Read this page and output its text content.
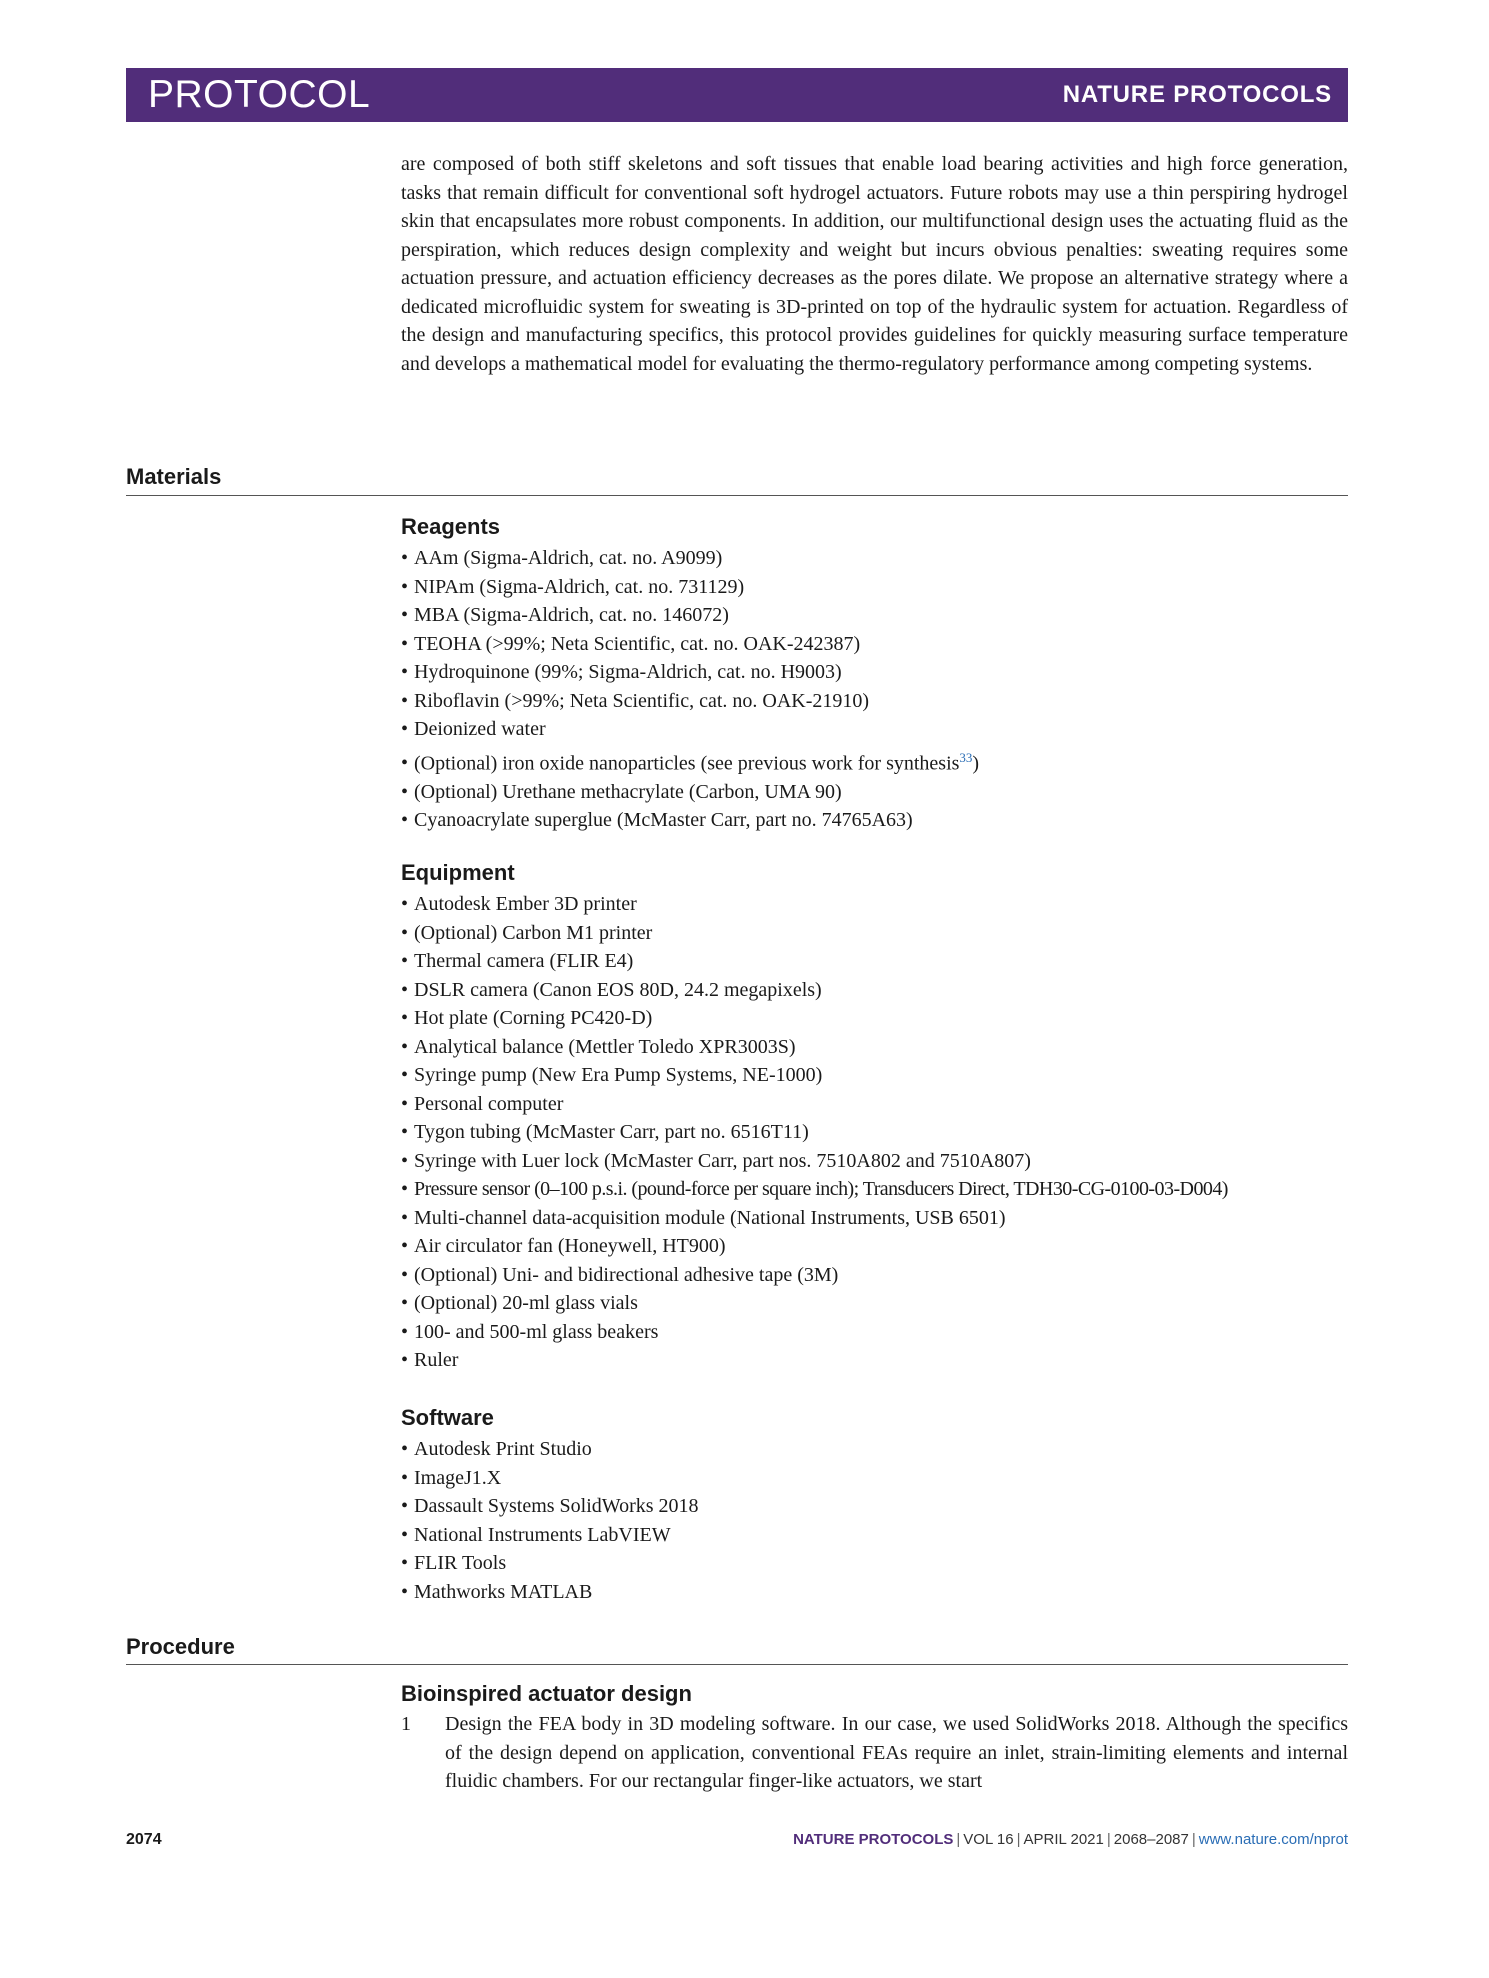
PROTOCOL	NATURE PROTOCOLS

are composed of both stiff skeletons and soft tissues that enable load bearing activities and high force generation, tasks that remain difficult for conventional soft hydrogel actuators. Future robots may use a thin perspiring hydrogel skin that encapsulates more robust components. In addition, our multifunctional design uses the actuating fluid as the perspiration, which reduces design complexity and weight but incurs obvious penalties: sweating requires some actuation pressure, and actuation efficiency decreases as the pores dilate. We propose an alternative strategy where a dedicated microfluidic system for sweating is 3D-printed on top of the hydraulic system for actuation. Regardless of the design and manufacturing specifics, this protocol provides guidelines for quickly measuring surface temperature and develops a mathematical model for evaluating the thermo-regulatory performance among competing systems.

Materials
Reagents
• AAm (Sigma-Aldrich, cat. no. A9099)
• NIPAm (Sigma-Aldrich, cat. no. 731129)
• MBA (Sigma-Aldrich, cat. no. 146072)
• TEOHA (>99%; Neta Scientific, cat. no. OAK-242387)
• Hydroquinone (99%; Sigma-Aldrich, cat. no. H9003)
• Riboflavin (>99%; Neta Scientific, cat. no. OAK-21910)
• Deionized water
• (Optional) iron oxide nanoparticles (see previous work for synthesis$^{33}$)
• (Optional) Urethane methacrylate (Carbon, UMA 90)
• Cyanoacrylate superglue (McMaster Carr, part no. 74765A63)
Equipment
• Autodesk Ember 3D printer
• (Optional) Carbon M1 printer
• Thermal camera (FLIR E4)
• DSLR camera (Canon EOS 80D, 24.2 megapixels)
• Hot plate (Corning PC420-D)
• Analytical balance (Mettler Toledo XPR3003S)
• Syringe pump (New Era Pump Systems, NE-1000)
• Personal computer
• Tygon tubing (McMaster Carr, part no. 6516T11)
• Syringe with Luer lock (McMaster Carr, part nos. 7510A802 and 7510A807)
• Pressure sensor (0–100 p.s.i. (pound-force per square inch); Transducers Direct, TDH30-CG-0100-03-D004)
• Multi-channel data-acquisition module (National Instruments, USB 6501)
• Air circulator fan (Honeywell, HT900)
• (Optional) Uni- and bidirectional adhesive tape (3M)
• (Optional) 20-ml glass vials
• 100- and 500-ml glass beakers
• Ruler
Software
• Autodesk Print Studio
• ImageJ1.X
• Dassault Systems SolidWorks 2018
• National Instruments LabVIEW
• FLIR Tools
• Mathworks MATLAB
Procedure
Bioinspired actuator design
1 Design the FEA body in 3D modeling software. In our case, we used SolidWorks 2018. Although the specifics of the design depend on application, conventional FEAs require an inlet, strain-limiting elements and internal fluidic chambers. For our rectangular finger-like actuators, we start
2074	NATURE PROTOCOLS | VOL 16 | APRIL 2021 | 2068–2087 | www.nature.com/nprot
